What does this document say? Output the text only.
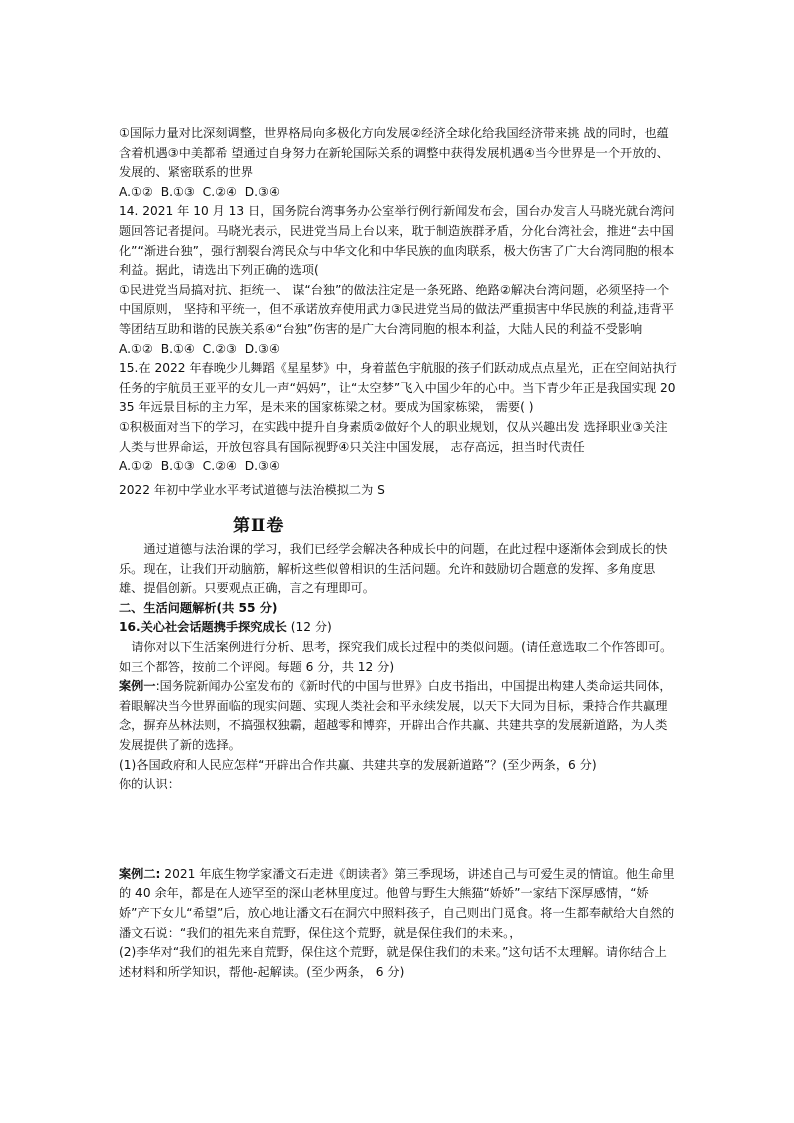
①国际力量对比深刻调整，世界格局向多极化方向发展②经济全球化给我国经济带来挑 战的同时，也蕴含着机遇③中美都希 望通过自身努力在新轮国际关系的调整中获得发展机遇④当今世界是一个开放的、发展的、紧密联系的世界

A.①② B.①③ C.②④ D.③④

14. 2021 年 10 月 13 日，国务院台湾事务办公室举行例行新闻发布会，国台办发言人马晓光就台湾问题回答记者提问。马晓光表示，民进党当局上台以来，耽于制造族群矛盾，分化台湾社会，推进“去中国化”“渐进台独”，强行割裂台湾民众与中华文化和中华民族的血肉联系，极大伤害了广大台湾同胞的根本利益。据此，请选出下列正确的选项(

①民进党当局搞对抗、拒统一、 谋“台独”的做法注定是一条死路、绝路②解决台湾问题，必须坚持一个中国原则， 坚持和平统一，但不承诺放弃使用武力③民进党当局的做法严重损害中华民族的利益,违背平等团结互助和谐的民族关系④“台独”伤害的是广大台湾同胞的根本利益，大陆人民的利益不受影响

A.①② B.①④ C.②③ D.③④

15.在 2022 年春晚少儿舞蹈《星星梦》中，身着蓝色宇航服的孩子们跃动成点点星光，正在空间站执行任务的宇航员王亚平的女儿一声“妈妈”，让“太空梦”飞入中国少年的心中。当下青少年正是我国实现 2035 年远景目标的主力军，是未来的国家栋梁之材。要成为国家栋梁， 需要( )

①积极面对当下的学习，在实践中提升自身素质②做好个人的职业规划，仅从兴趣出发 选择职业③关注人类与世界命运，开放包容具有国际视野④只关注中国发展， 志存高远，担当时代责任

A.①② B.①③ C.②④ D.③④

2022 年初中学业水平考试道德与法治模拟二为 S

第Ⅱ卷

通过道德与法治课的学习，我们已经学会解决各种成长中的问题，在此过程中逐渐体会到成长的快乐。现在，让我们开动脑筋，解析这些似曾相识的生活问题。允许和鼓励切合题意的发挥、多角度思雄、提倡创新。只要观点正确，言之有理即可。

二、生活问题解析(共 55 分)

16.关心社会话题携手探究成长 (12 分)

请你对以下生活案例进行分析、思考，探究我们成长过程中的类似问题。(请任意选取二个作答即可。如三个都答，按前二个评阅。每题 6 分，共 12 分)

案例一:国务院新闻办公室发布的《新时代的中国与世界》白皮书指出，中国提出构建人类命运共同体，着眼解决当今世界面临的现实问题、实现人类社会和平永续发展，以天下大同为目标，秉持合作共赢理念，摒弃丛林法则，不搞强权独霸，超越零和博弈，开辟出合作共赢、共建共享的发展新道路，为人类发展提供了新的选择。

(1)各国政府和人民应怎样“开辟出合作共赢、共建共享的发展新道路”？(至少两条，6 分)

你的认识：

案例二: 2021 年底生物学家潘文石走进《朗读者》第三季现场，讲述自己与可爱生灵的情谊。他生命里的 40 余年，都是在人迹罕至的深山老林里度过。他曾与野生大熊猫“娇娇”一家结下深厚感情，“娇娇”产下女儿“希望”后，放心地让潘文石在洞穴中照料孩子，自己则出门觅食。将一生都奉献给大自然的潘文石说：“我们的祖先来自荒野，保住这个荒野，就是保住我们的未来。，

(2)李华对“我们的祖先来自荒野，保住这个荒野，就是保住我们的未来。”这句话不太理解。请你结合上述材料和所学知识，帮他-起解读。(至少两条， 6 分)
